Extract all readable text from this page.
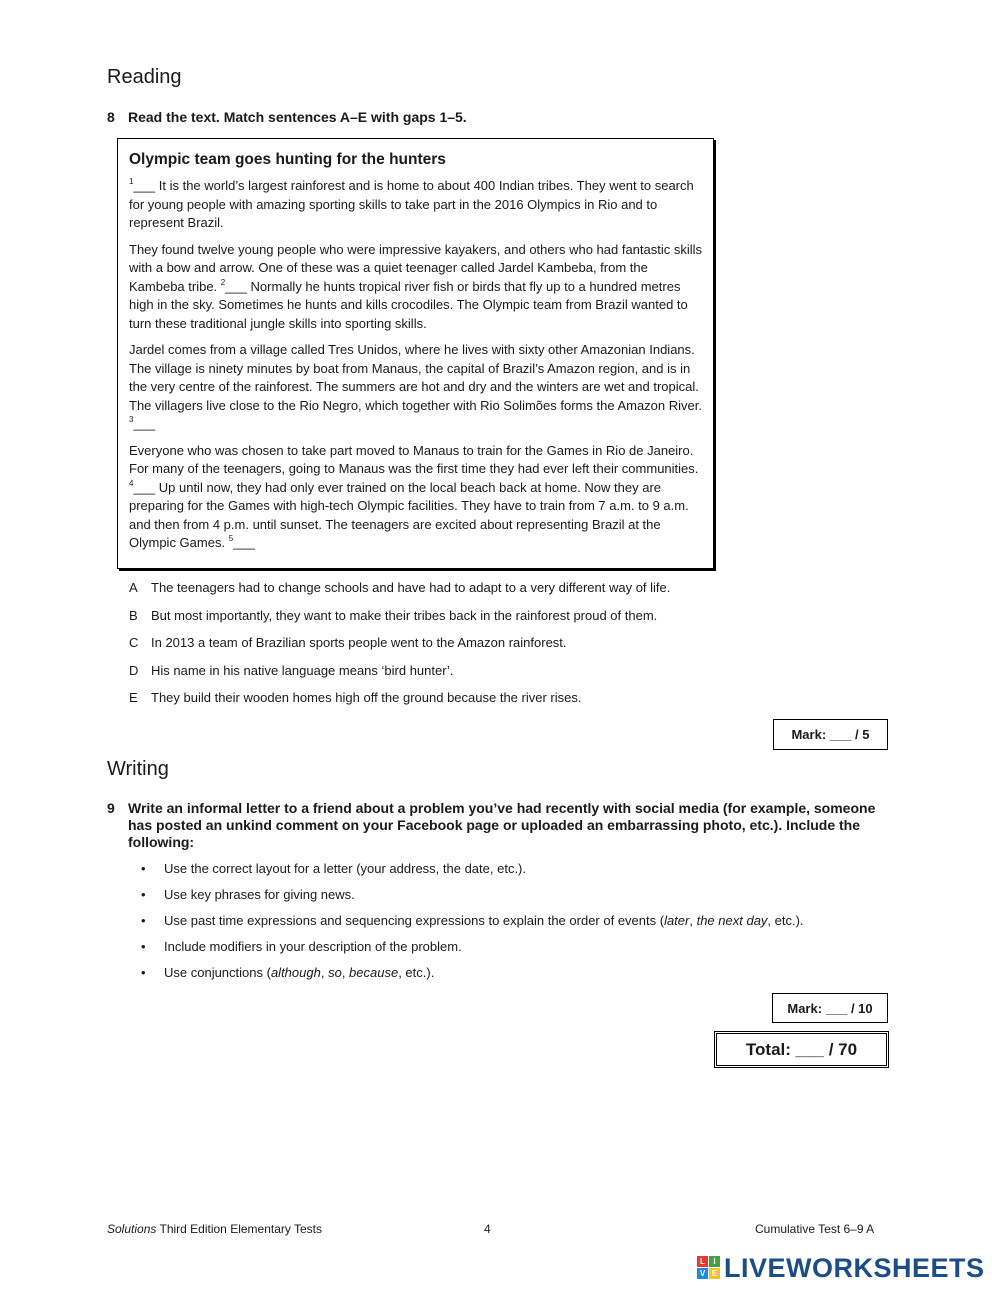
Reading
8 Read the text. Match sentences A–E with gaps 1–5.
Olympic team goes hunting for the hunters

$^1$___ It is the world’s largest rainforest and is home to about 400 Indian tribes. They went to search for young people with amazing sporting skills to take part in the 2016 Olympics in Rio and to represent Brazil.

They found twelve young people who were impressive kayakers, and others who had fantastic skills with a bow and arrow. One of these was a quiet teenager called Jardel Kambeba, from the Kambeba tribe. $^2$___ Normally he hunts tropical river fish or birds that fly up to a hundred metres high in the sky. Sometimes he hunts and kills crocodiles. The Olympic team from Brazil wanted to turn these traditional jungle skills into sporting skills.

Jardel comes from a village called Tres Unidos, where he lives with sixty other Amazonian Indians. The village is ninety minutes by boat from Manaus, the capital of Brazil’s Amazon region, and is in the very centre of the rainforest. The summers are hot and dry and the winters are wet and tropical. The villagers live close to the Rio Negro, which together with Rio Solimões forms the Amazon River. $^3$___

Everyone who was chosen to take part moved to Manaus to train for the Games in Rio de Janeiro. For many of the teenagers, going to Manaus was the first time they had ever left their communities. $^4$___ Up until now, they had only ever trained on the local beach back at home. Now they are preparing for the Games with high-tech Olympic facilities. They have to train from 7 a.m. to 9 a.m. and then from 4 p.m. until sunset. The teenagers are excited about representing Brazil at the Olympic Games. $^5$___

A The teenagers had to change schools and have had to adapt to a very different way of life.
B But most importantly, they want to make their tribes back in the rainforest proud of them.
C In 2013 a team of Brazilian sports people went to the Amazon rainforest.
D His name in his native language means ‘bird hunter’.
E They build their wooden homes high off the ground because the river rises.
Mark: ___ / 5
Writing
9 Write an informal letter to a friend about a problem you’ve had recently with social media (for example, someone has posted an unkind comment on your Facebook page or uploaded an embarrassing photo, etc.). Include the following:
• Use the correct layout for a letter (your address, the date, etc.).
• Use key phrases for giving news.
• Use past time expressions and sequencing expressions to explain the order of events (later, the next day, etc.).
• Include modifiers in your description of the problem.
• Use conjunctions (although, so, because, etc.).
Mark: ___ / 10
Total: ___ / 70
Solutions Third Edition Elementary Tests	4	Cumulative Test 6–9 A
L	I
V E LIVEWORKSHEETS
